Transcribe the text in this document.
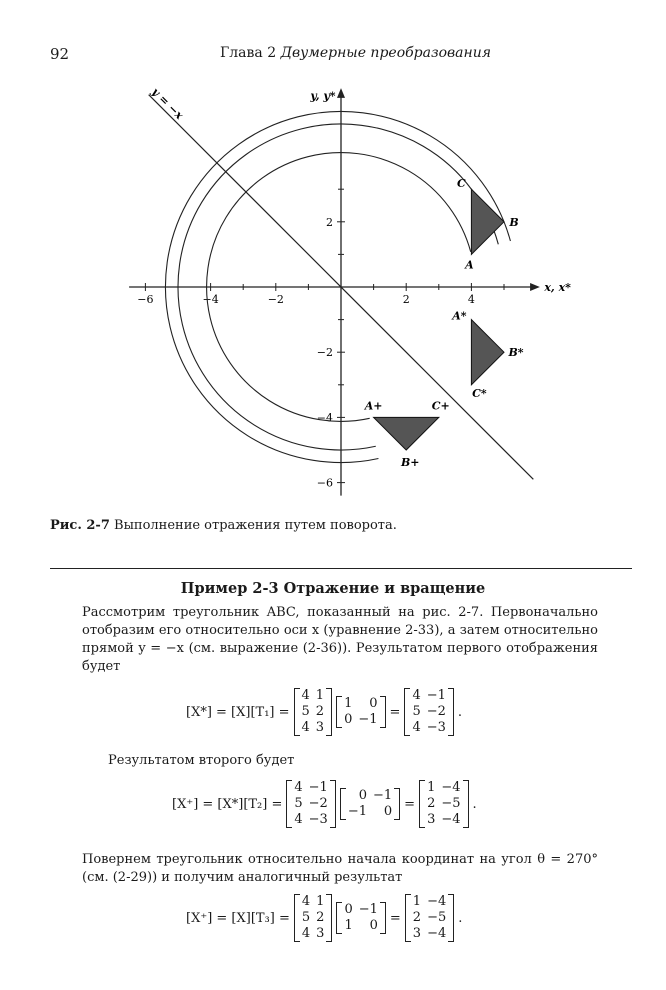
92	Глава 2 Двумерные преобразования
x, x*
y, y*
−6	−4	−2	2	4
2
−2
−4
−6
y = −x
A
B
C
A*
B*
C*
A+
B+
C+
Рис. 2-7 Выполнение отражения путем поворота.
Пример 2-3 Отражение и вращение
Рассмотрим треугольник ABC, показанный на рис. 2-7. Первоначально отобразим его относительно оси x (уравнение 2-33), а затем относительно прямой y = −x (см. выражение (2-36)). Результатом первого отображения будет
[X*] = [X][T₁] =
4	1
5	2
4	3
1	0
0	−1 =
4	−1
5	−2
4	−3
.
Результатом второго будет
[X⁺] = [X*][T₂] =
4	−1
5	−2
4	−3
0	−1
−1	0 =
1	−4
2	−5
3	−4
.
Повернем треугольник относительно начала координат на угол θ = 270° (см. (2-29)) и получим аналогичный результат
[X⁺] = [X][T₃] =
4	1
5	2
4	3
0	−1
1	0 =
1	−4
2	−5
3	−4
.
